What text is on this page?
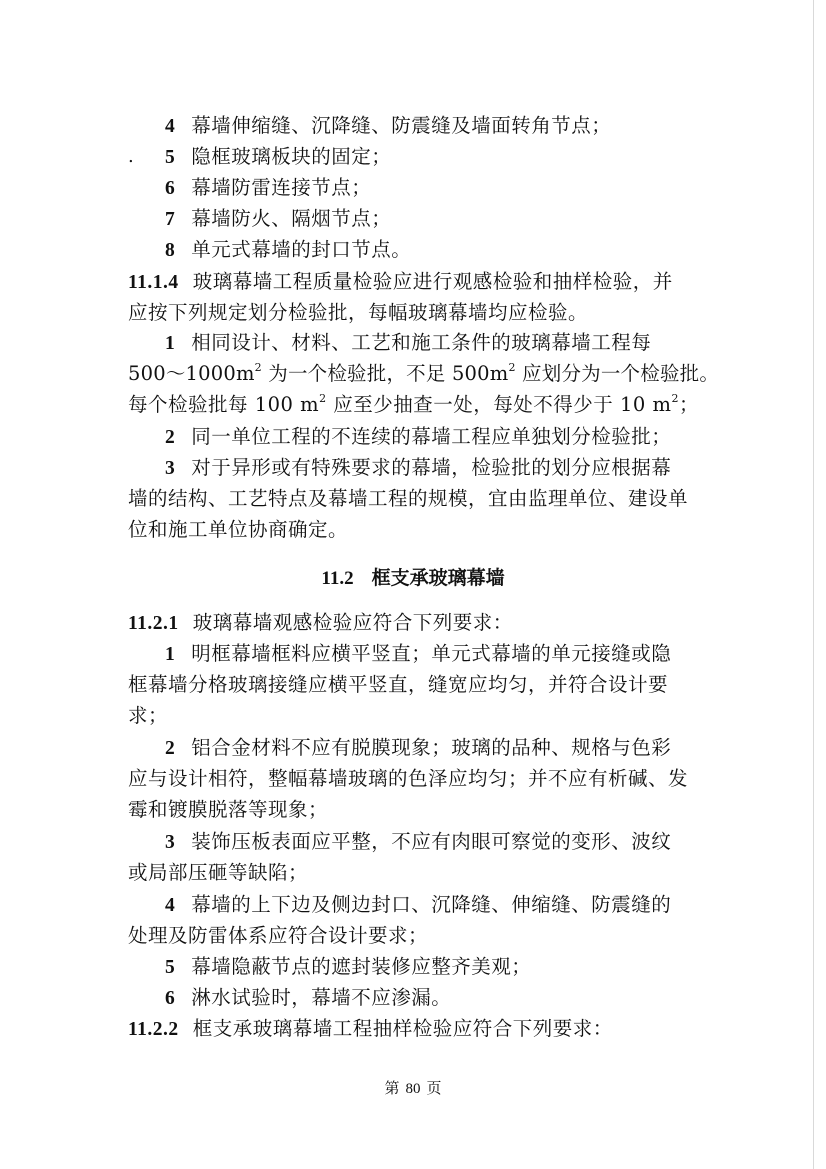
4 幕墙伸缩缝、沉降缝、防震缝及墙面转角节点；
. 5 隐框玻璃板块的固定；
6 幕墙防雷连接节点；
7 幕墙防火、隔烟节点；
8 单元式幕墙的封口节点。
11.1.4 玻璃幕墙工程质量检验应进行观感检验和抽样检验，并
应按下列规定划分检验批，每幅玻璃幕墙均应检验。
1 相同设计、材料、工艺和施工条件的玻璃幕墙工程每
$500\sim 1000m^2$ 为一个检验批，不足 $500m^2$ 应划分为一个检验批。
每个检验批每 100 $m^2$ 应至少抽查一处，每处不得少于 10 $m^2$；
2 同一单位工程的不连续的幕墙工程应单独划分检验批；
3 对于异形或有特殊要求的幕墙，检验批的划分应根据幕
墙的结构、工艺特点及幕墙工程的规模，宜由监理单位、建设单
位和施工单位协商确定。
11.2 框支承玻璃幕墙
11.2.1 玻璃幕墙观感检验应符合下列要求：
1 明框幕墙框料应横平竖直；单元式幕墙的单元接缝或隐
框幕墙分格玻璃接缝应横平竖直，缝宽应均匀，并符合设计要
求；
2 铝合金材料不应有脱膜现象；玻璃的品种、规格与色彩
应与设计相符，整幅幕墙玻璃的色泽应均匀；并不应有析碱、发
霉和镀膜脱落等现象；
3 装饰压板表面应平整，不应有肉眼可察觉的变形、波纹
或局部压砸等缺陷；
4 幕墙的上下边及侧边封口、沉降缝、伸缩缝、防震缝的
处理及防雷体系应符合设计要求；
5 幕墙隐蔽节点的遮封装修应整齐美观；
6 淋水试验时，幕墙不应渗漏。
11.2.2 框支承玻璃幕墙工程抽样检验应符合下列要求：
第 80 页
